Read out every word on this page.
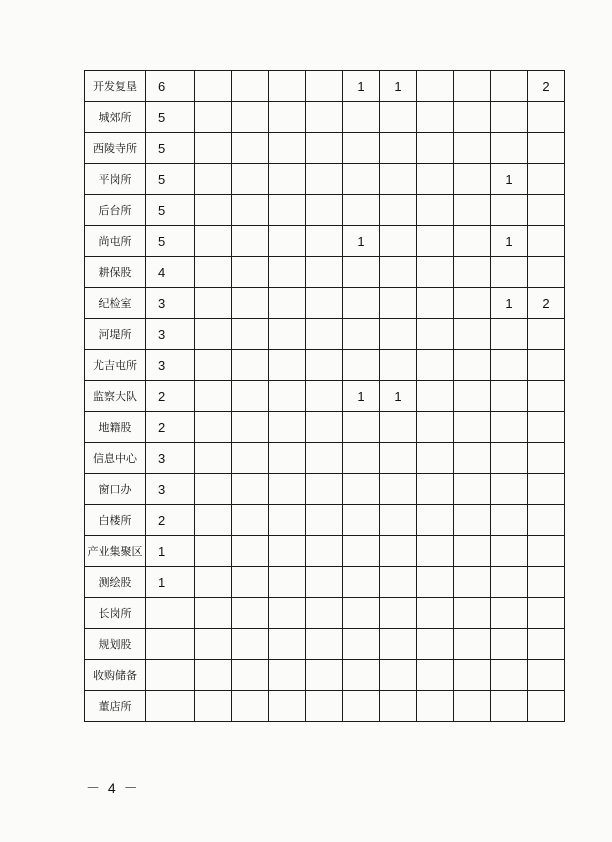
开发复垦	6					1	1				2
城郊所	5										
西陵寺所	5										
平岗所	5									1	
后台所	5										
尚屯所	5					1				1	
耕保股	4										
纪检室	3									1	2
河堤所	3										
尤吉屯所	3										
监察大队	2					1	1				
地籍股	2										
信息中心	3										
窗口办	3										
白楼所	2										
产业集聚区	1										
测绘股	1										
长岗所											
规划股											
收购储备											
董店所											
－ 4 －
